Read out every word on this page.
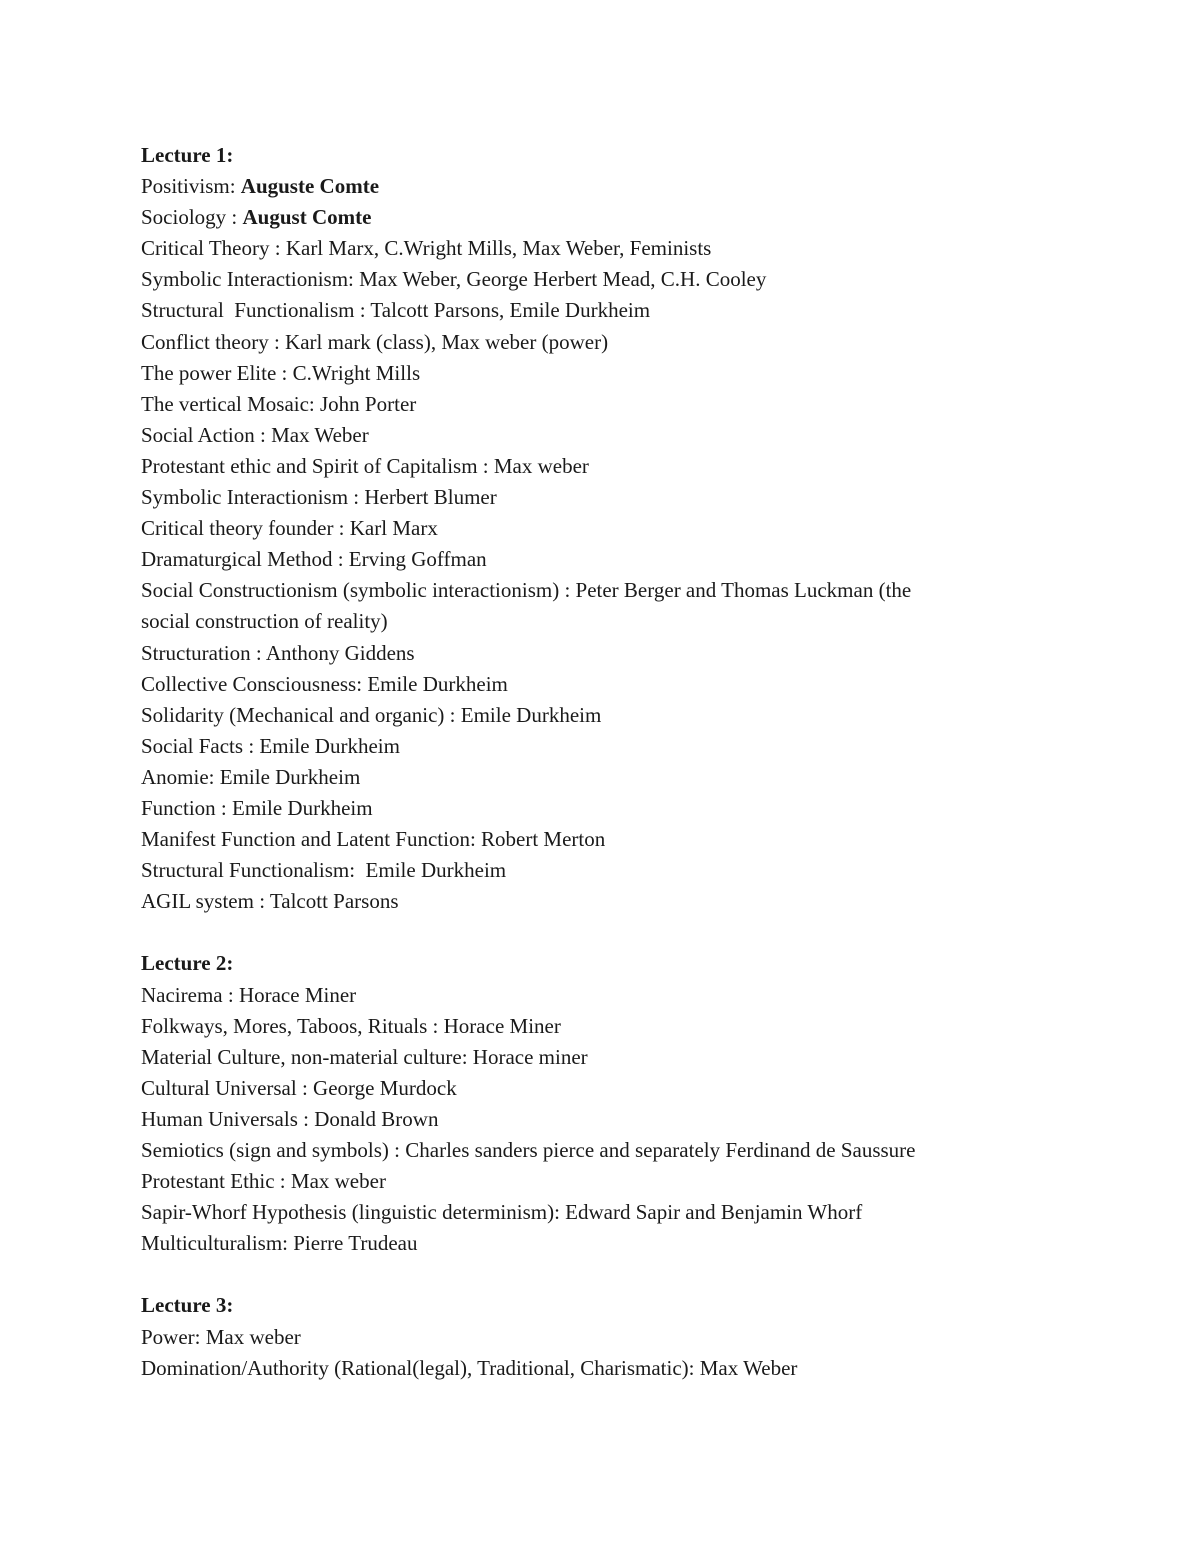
Lecture 1:
Positivism: Auguste Comte
Sociology : August Comte
Critical Theory : Karl Marx, C.Wright Mills, Max Weber, Feminists
Symbolic Interactionism: Max Weber, George Herbert Mead, C.H. Cooley
Structural  Functionalism : Talcott Parsons, Emile Durkheim
Conflict theory : Karl mark (class), Max weber (power)
The power Elite : C.Wright Mills
The vertical Mosaic: John Porter
Social Action : Max Weber
Protestant ethic and Spirit of Capitalism : Max weber
Symbolic Interactionism : Herbert Blumer
Critical theory founder : Karl Marx
Dramaturgical Method : Erving Goffman
Social Constructionism (symbolic interactionism) : Peter Berger and Thomas Luckman (the
social construction of reality)
Structuration : Anthony Giddens
Collective Consciousness: Emile Durkheim
Solidarity (Mechanical and organic) : Emile Durkheim
Social Facts : Emile Durkheim
Anomie: Emile Durkheim
Function : Emile Durkheim
Manifest Function and Latent Function: Robert Merton
Structural Functionalism:  Emile Durkheim
AGIL system : Talcott Parsons
Lecture 2:
Nacirema : Horace Miner
Folkways, Mores, Taboos, Rituals : Horace Miner
Material Culture, non-material culture: Horace miner
Cultural Universal : George Murdock
Human Universals : Donald Brown
Semiotics (sign and symbols) : Charles sanders pierce and separately Ferdinand de Saussure
Protestant Ethic : Max weber
Sapir-Whorf Hypothesis (linguistic determinism): Edward Sapir and Benjamin Whorf
Multiculturalism: Pierre Trudeau
Lecture 3:
Power: Max weber
Domination/Authority (Rational(legal), Traditional, Charismatic): Max Weber
